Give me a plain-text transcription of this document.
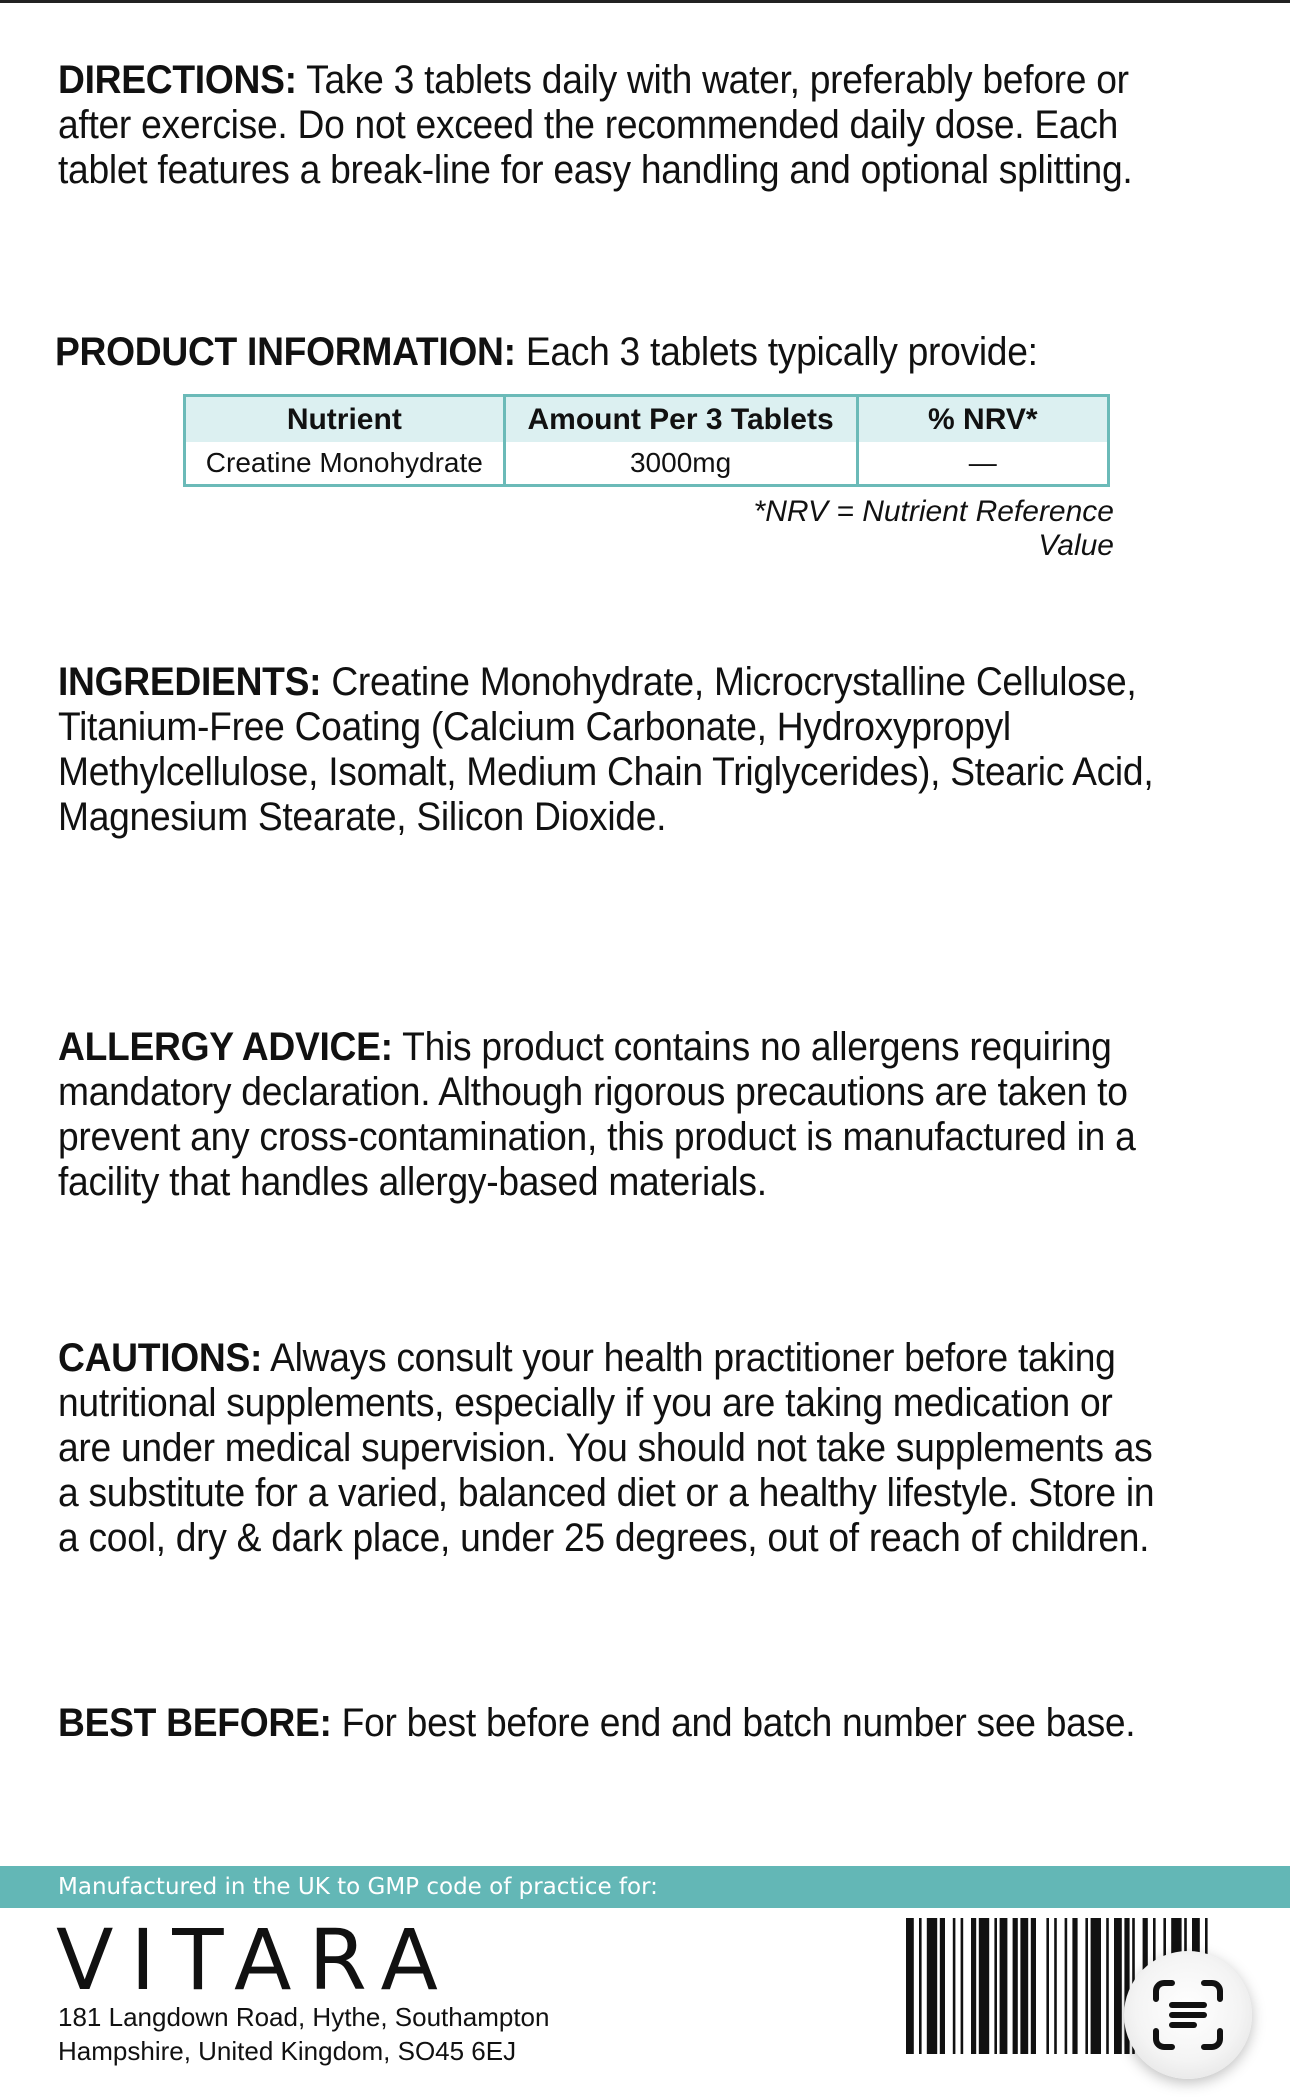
DIRECTIONS: Take 3 tablets daily with water, preferably before or after exercise. Do not exceed the recommended daily dose. Each tablet features a break-line for easy handling and optional splitting.
PRODUCT INFORMATION: Each 3 tablets typically provide:
Nutrient	Amount Per 3 Tablets	% NRV*
Creatine Monohydrate	3000mg	—
*NRV = Nutrient Reference Value
INGREDIENTS: Creatine Monohydrate, Microcrystalline Cellulose, Titanium-Free Coating (Calcium Carbonate, Hydroxypropyl Methylcellulose, Isomalt, Medium Chain Triglycerides), Stearic Acid, Magnesium Stearate, Silicon Dioxide.
ALLERGY ADVICE: This product contains no allergens requiring mandatory declaration. Although rigorous precautions are taken to prevent any cross-contamination, this product is manufactured in a facility that handles allergy-based materials.
CAUTIONS: Always consult your health practitioner before taking nutritional supplements, especially if you are taking medication or are under medical supervision. You should not take supplements as a substitute for a varied, balanced diet or a healthy lifestyle. Store in a cool, dry & dark place, under 25 degrees, out of reach of children.
BEST BEFORE: For best before end and batch number see base.
Manufactured in the UK to GMP code of practice for:
VITARA
181 Langdown Road, Hythe, Southampton
Hampshire, United Kingdom, SO45 6EJ
